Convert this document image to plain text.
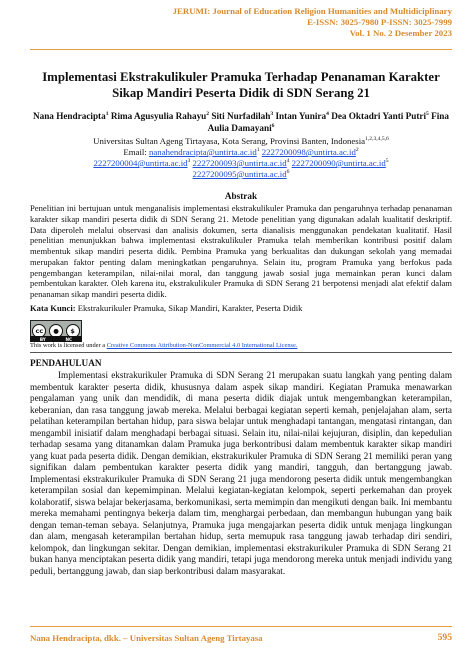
JERUMI: Journal of Education Religion Humanities and Multidiciplinary
E-ISSN: 3025-7980 P-ISSN: 3025-7999
Vol. 1 No. 2 Desember 2023
Implementasi Ekstrakulikuler Pramuka Terhadap Penanaman Karakter Sikap Mandiri Peserta Didik di SDN Serang 21
Nana Hendracipta$^1$ Rima Agusyulia Rahayu$^2$ Siti Nurfadilah$^3$ Intan Yunira$^4$ Dea Oktadri Yanti Putri$^5$ Fina Aulia Damayani$^6$
Universitas Sultan Ageng Tirtayasa, Kota Serang, Provinsi Banten, Indonesia$^{1,2,3,4,5,6}$
Email: $nanahendracipta@untirta.ac.id^1$ $2227200098@untirta.ac.id^2$
$2227200004@untirta.ac.id^3$ $2227200093@untirta.ac.id^4$ $2227200090@untirta.ac.id^5$
$2227200095@untirta.ac.id^6$
Abstrak
Penelitian ini bertujuan untuk menganalisis implementasi ekstrakulikuler Pramuka dan pengaruhnya terhadap penanaman karakter sikap mandiri peserta didik di SDN Serang 21. Metode penelitian yang digunakan adalah kualitatif deskriptif. Data diperoleh melalui observasi dan analisis dokumen, serta dianalisis menggunakan pendekatan kualitatif. Hasil penelitian menunjukkan bahwa implementasi ekstrakulikuler Pramuka telah memberikan kontribusi positif dalam membentuk sikap mandiri peserta didik. Pembina Pramuka yang berkualitas dan dukungan sekolah yang memadai merupakan faktor penting dalam meningkatkan pengaruhnya. Selain itu, program Pramuka yang berfokus pada pengembangan keterampilan, nilai-nilai moral, dan tanggung jawab sosial juga memainkan peran kunci dalam pembentukan karakter. Oleh karena itu, ekstrakulikuler Pramuka di SDN Serang 21 berpotensi menjadi alat efektif dalam penanaman sikap mandiri peserta didik.
Kata Kunci: Ekstrakurikuler Pramuka, Sikap Mandiri, Karakter, Peserta Didik
cc	●	$
BY	NC
This work is licensed under a Creative Commons Attribution-NonCommercial 4.0 International License.
PENDAHULUAN
Implementasi ekstrakurikuler Pramuka di SDN Serang 21 merupakan suatu langkah yang penting dalam membentuk karakter peserta didik, khususnya dalam aspek sikap mandiri. Kegiatan Pramuka menawarkan pengalaman yang unik dan mendidik, di mana peserta didik diajak untuk mengembangkan keterampilan, keberanian, dan rasa tanggung jawab mereka. Melalui berbagai kegiatan seperti kemah, penjelajahan alam, serta pelatihan keterampilan bertahan hidup, para siswa belajar untuk menghadapi tantangan, mengatasi rintangan, dan mengambil inisiatif dalam menghadapi berbagai situasi. Selain itu, nilai-nilai kejujuran, disiplin, dan kepedulian terhadap sesama yang ditanamkan dalam Pramuka juga berkontribusi dalam membentuk karakter sikap mandiri yang kuat pada peserta didik. Dengan demikian, ekstrakurikuler Pramuka di SDN Serang 21 memiliki peran yang signifikan dalam pembentukan karakter peserta didik yang mandiri, tangguh, dan bertanggung jawab. Implementasi ekstrakurikuler Pramuka di SDN Serang 21 juga mendorong peserta didik untuk mengembangkan keterampilan sosial dan kepemimpinan. Melalui kegiatan-kegiatan kelompok, seperti perkemahan dan proyek kolaboratif, siswa belajar bekerjasama, berkomunikasi, serta memimpin dan mengikuti dengan baik. Ini membantu mereka memahami pentingnya bekerja dalam tim, menghargai perbedaan, dan membangun hubungan yang baik dengan teman-teman sebaya. Selanjutnya, Pramuka juga mengajarkan peserta didik untuk menjaga lingkungan dan alam, mengasah keterampilan bertahan hidup, serta memupuk rasa tanggung jawab terhadap diri sendiri, kelompok, dan lingkungan sekitar. Dengan demikian, implementasi ekstrakurikuler Pramuka di SDN Serang 21 bukan hanya menciptakan peserta didik yang mandiri, tetapi juga mendorong mereka untuk menjadi individu yang peduli, bertanggung jawab, dan siap berkontribusi dalam masyarakat.
Nana Hendracipta, dkk. – Universitas Sultan Ageng Tirtayasa	595
